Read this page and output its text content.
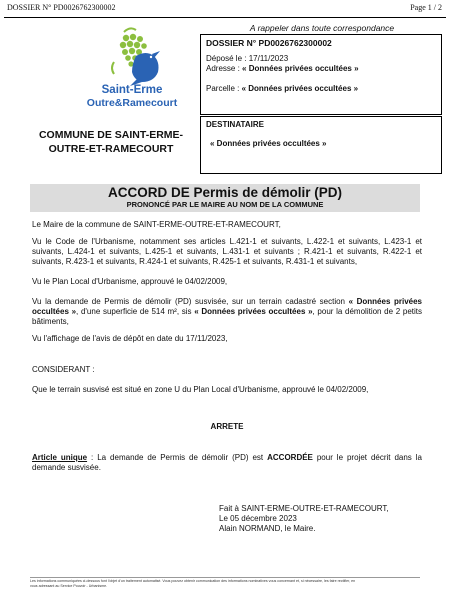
DOSSIER N° PD0026762300002	Page 1 / 2
Saint-Erme
Outre&Ramecourt
COMMUNE DE SAINT-ERME-
OUTRE-ET-RAMECOURT
A rappeler dans toute correspondance
DOSSIER N° PD0026762300002
Déposé le : 17/11/2023
Adresse : « Données privées occultées »
Parcelle : « Données privées occultées »
DESTINATAIRE
« Données privées occultées »
ACCORD DE Permis de démolir (PD)
PRONONCÉ PAR LE MAIRE AU NOM DE LA COMMUNE

Le Maire de la commune de SAINT-ERME-OUTRE-ET-RAMECOURT,

Vu le Code de l'Urbanisme, notamment ses articles L.421-1 et suivants, L.422-1 et suivants, L.423-1 et suivants, L.424-1 et suivants, L.425-1 et suivants, L.431-1 et suivants ; R.421-1 et suivants, R.422-1 et suivants, R.423-1 et suivants, R.424-1 et suivants, R.425-1 et suivants, R.431-1 et suivants,

Vu le Plan Local d'Urbanisme, approuvé le 04/02/2009,

Vu la demande de Permis de démolir (PD) susvisée, sur un terrain cadastré section « Données privées occultées », d'une superficie de 514 m², sis « Données privées occultées », pour la démolition de 2 petits bâtiments,

Vu l'affichage de l'avis de dépôt en date du 17/11/2023,

CONSIDERANT :

Que le terrain susvisé est situé en zone U du Plan Local d'Urbanisme, approuvé le 04/02/2009,

ARRETE

Article unique : La demande de Permis de démolir (PD) est ACCORDÉE pour le projet décrit dans la demande susvisée.

Fait à SAINT-ERME-OUTRE-ET-RAMECOURT,
Le 05 décembre 2023
Alain NORMAND, le Maire.
Les informations communiquées ci-dessous font l'objet d'un traitement automatisé. Vous pouvez obtenir communication des informations nominatives vous concernant et, si nécessaire, les faire rectifier, en
vous adressant au Service Pouvoir - Urbanisme.
